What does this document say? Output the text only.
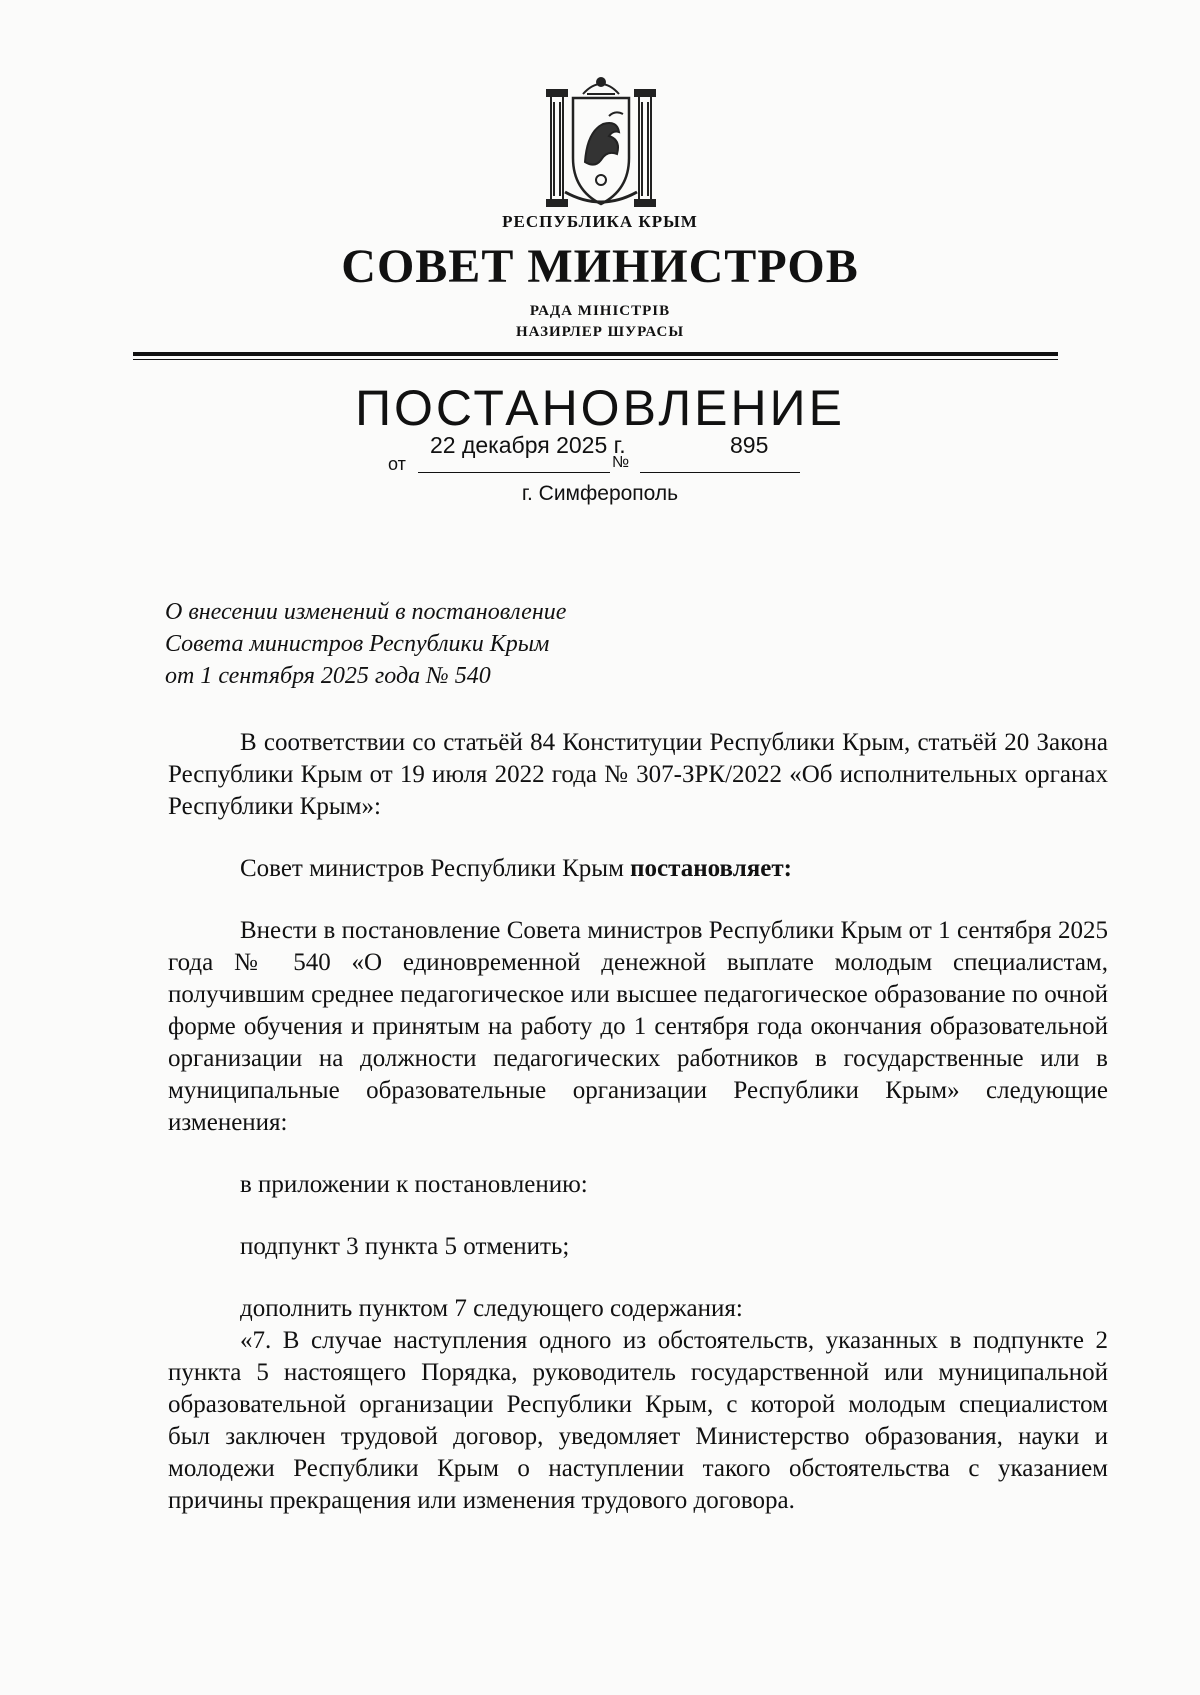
РЕСПУБЛИКА КРЫМ
СОВЕТ МИНИСТРОВ
РАДА МІНІСТРІВ
НАЗИРЛЕР ШУРАСЫ
ПОСТАНОВЛЕНИЕ
от
22 декабря 2025 г.
№
895
г. Симферополь
О внесении изменений в постановление
Совета министров Республики Крым
от 1 сентября 2025 года № 540

В соответствии со статьёй 84 Конституции Республики Крым, статьёй 20 Закона Республики Крым от 19 июля 2022 года № 307-ЗРК/2022 «Об исполнительных органах Республики Крым»:

Совет министров Республики Крым постановляет:

Внести в постановление Совета министров Республики Крым от 1 сентября 2025 года № 540 «О единовременной денежной выплате молодым специалистам, получившим среднее педагогическое или высшее педагогическое образование по очной форме обучения и принятым на работу до 1 сентября года окончания образовательной организации на должности педагогических работников в государственные или в муниципальные образовательные организации Республики Крым» следующие изменения:

в приложении к постановлению:

подпункт 3 пункта 5 отменить;

дополнить пунктом 7 следующего содержания:

«7. В случае наступления одного из обстоятельств, указанных в подпункте 2 пункта 5 настоящего Порядка, руководитель государственной или муниципальной образовательной организации Республики Крым, с которой молодым специалистом был заключен трудовой договор, уведомляет Министерство образования, науки и молодежи Республики Крым о наступлении такого обстоятельства с указанием причины прекращения или изменения трудового договора.
